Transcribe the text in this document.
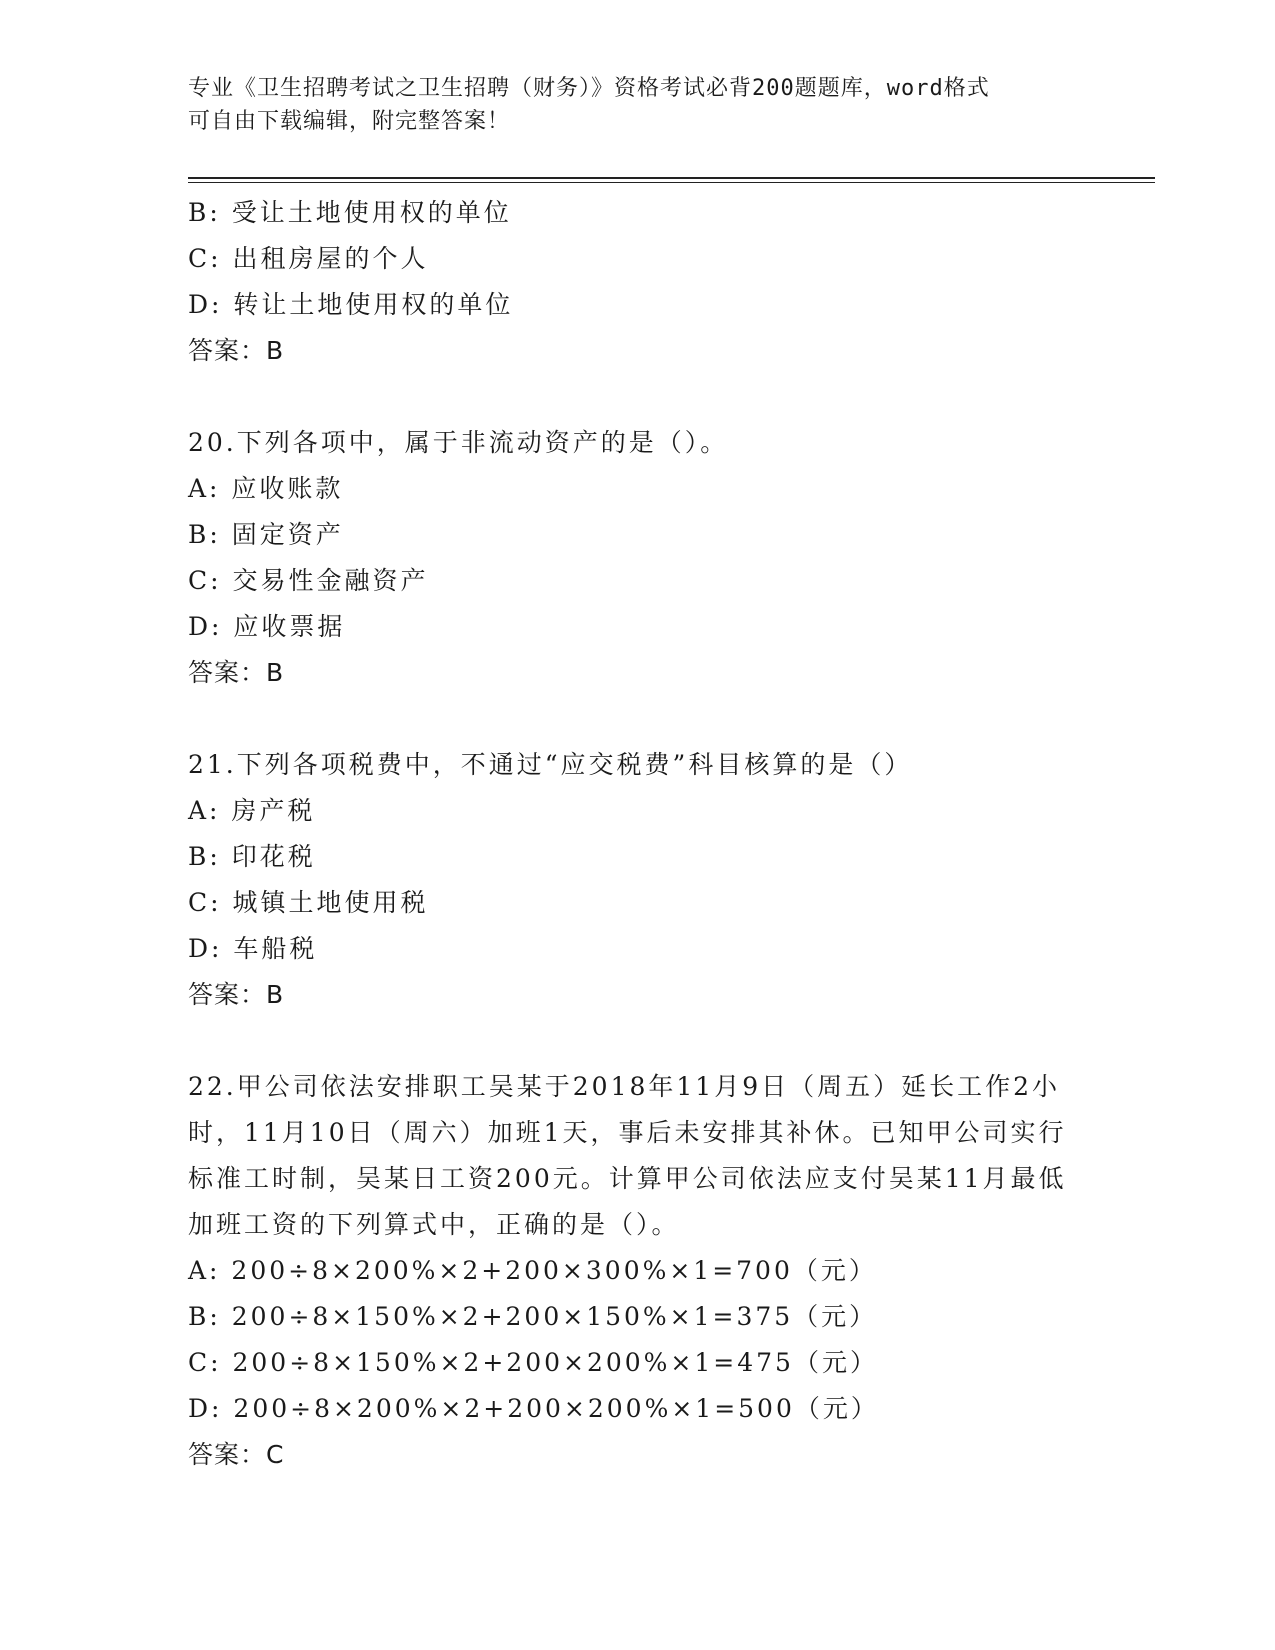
专业《卫生招聘考试之卫生招聘（财务）》资格考试必背200题题库，word格式
可自由下载编辑，附完整答案！
B: 受让土地使用权的单位
C: 出租房屋的个人
D: 转让土地使用权的单位
答案：B
20.下列各项中，属于非流动资产的是（）。
A: 应收账款
B: 固定资产
C: 交易性金融资产
D: 应收票据
答案：B
21.下列各项税费中，不通过“应交税费”科目核算的是（）
A: 房产税
B: 印花税
C: 城镇土地使用税
D: 车船税
答案：B
22.甲公司依法安排职工吴某于2018年11月9日（周五）延长工作2小时，11月10日（周六）加班1天，事后未安排其补休。已知甲公司实行标准工时制，吴某日工资200元。计算甲公司依法应支付吴某11月最低加班工资的下列算式中，正确的是（）。
A: 200÷8×200%×2+200×300%×1=700（元）
B: 200÷8×150%×2+200×150%×1=375（元）
C: 200÷8×150%×2+200×200%×1=475（元）
D: 200÷8×200%×2+200×200%×1=500（元）
答案：C
